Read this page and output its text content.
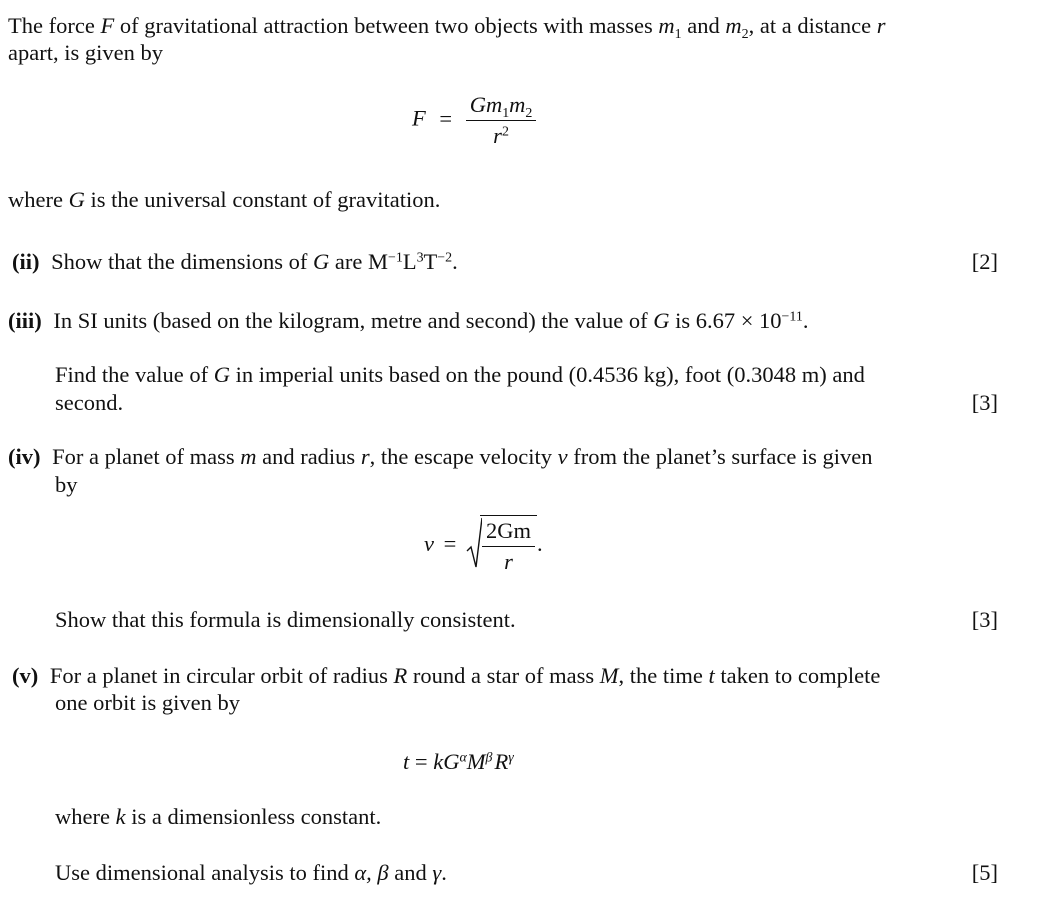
The force F of gravitational attraction between two objects with masses $m_1$ and $m_2$, at a distance r
apart, is given by
$F = \frac{Gm_1m_2}{r^2}$
where G is the universal constant of gravitation.
(ii) Show that the dimensions of G are $M^{-1}L^3T^{-2}$.	[2]
(iii) In SI units (based on the kilogram, metre and second) the value of G is $6.67 \times 10^{-11}$.
Find the value of G in imperial units based on the pound (0.4536 kg), foot (0.3048 m) and
second.	[3]
(iv) For a planet of mass m and radius r, the escape velocity v from the planet’s surface is given
by
$v = \frac{2Gm}{r}$ .
Show that this formula is dimensionally consistent.	[3]
(v) For a planet in circular orbit of radius R round a star of mass M, the time t taken to complete
one orbit is given by
$t = kG^\alpha M^\beta R^\gamma$
where k is a dimensionless constant.
Use dimensional analysis to find α, β and γ.	[5]
